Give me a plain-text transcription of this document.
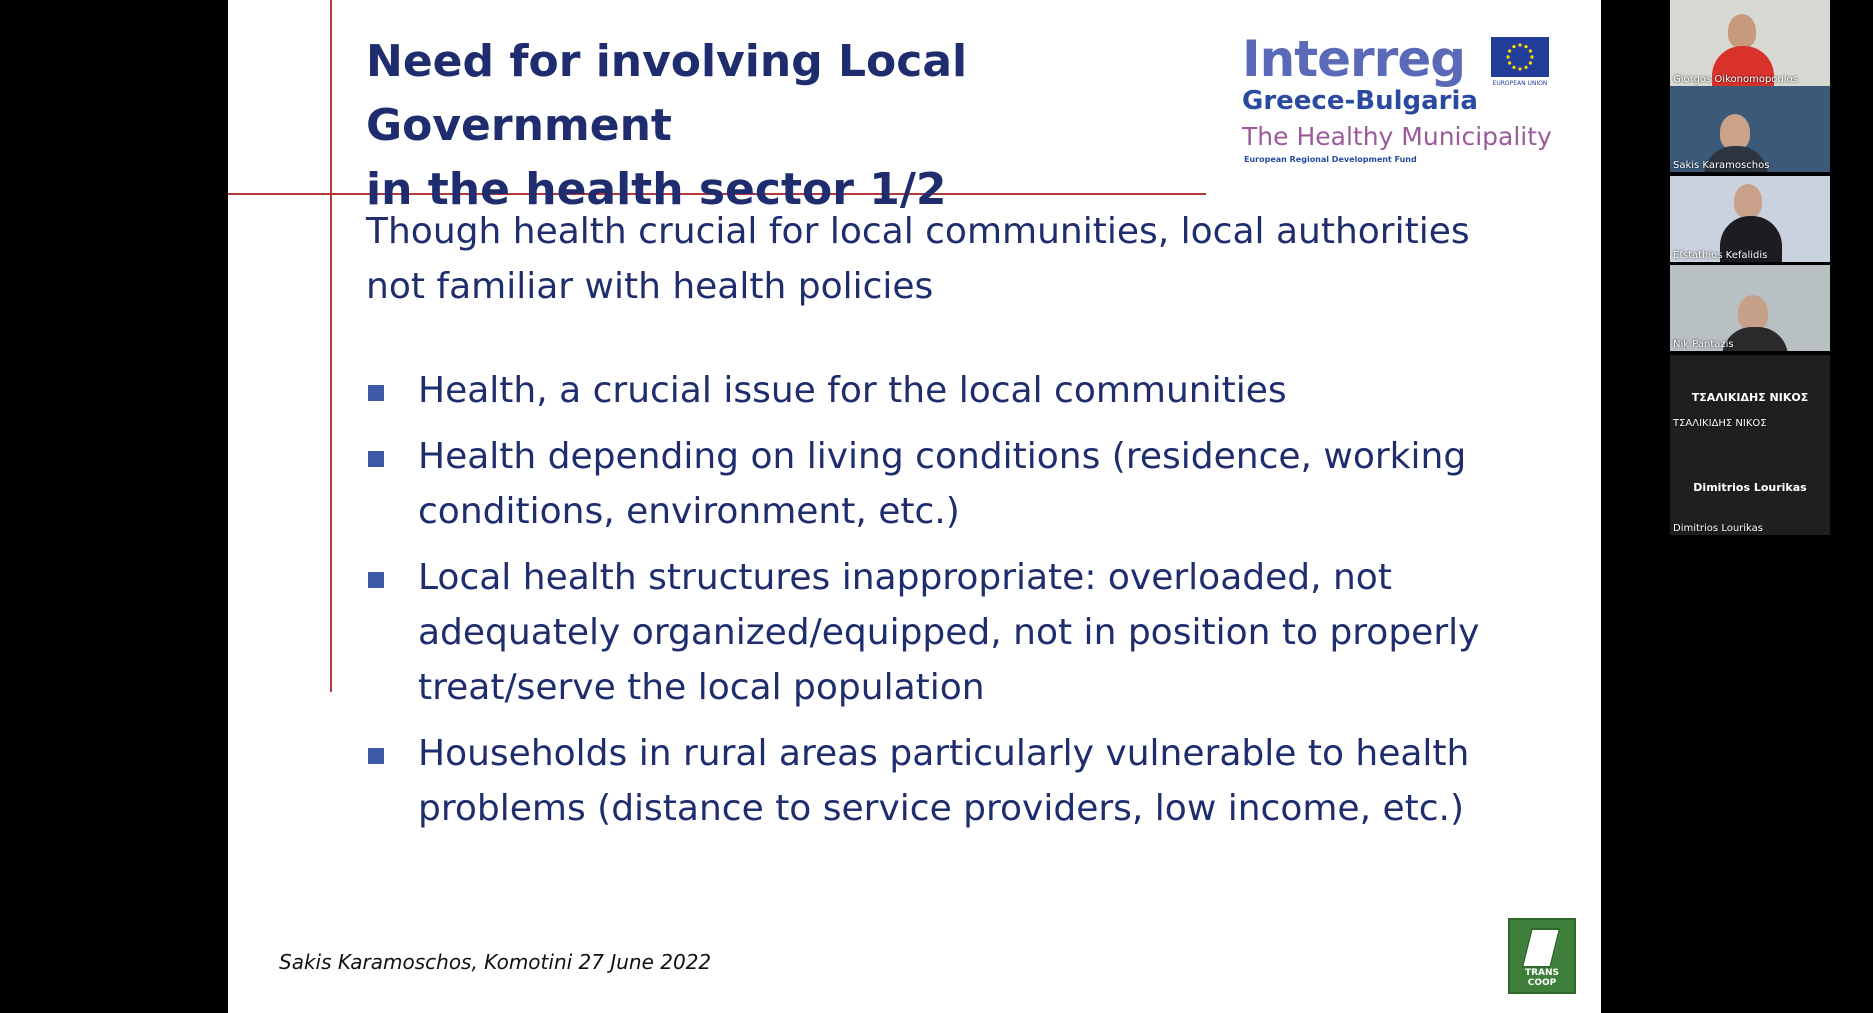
Need for involving Local Government
in the health sector 1/2
Interreg	EUROPEAN UNION
Greece-Bulgaria
The Healthy Municipality
European Regional Development Fund

Though health crucial for local communities, local authorities not familiar with health policies

Health, a crucial issue for the local communities
Health depending on living conditions (residence, working conditions, environment, etc.)
Local health structures inappropriate: overloaded, not adequately organized/equipped, not in position to properly treat/serve the local population
Households in rural areas particularly vulnerable to health problems (distance to service providers, low income, etc.)
Sakis Karamoschos, Komotini 27 June 2022	TRANS COOP
Giorgos Oikonomopoulos
Sakis Karamoschos
Efstathios Kefalidis
Nik Pantazis
ΤΣΑΛΙΚΙΔΗΣ ΝΙΚΟΣ
ΤΣΑΛΙΚΙΔΗΣ ΝΙΚΟΣ
Dimitrios Lourikas
Dimitrios Lourikas
